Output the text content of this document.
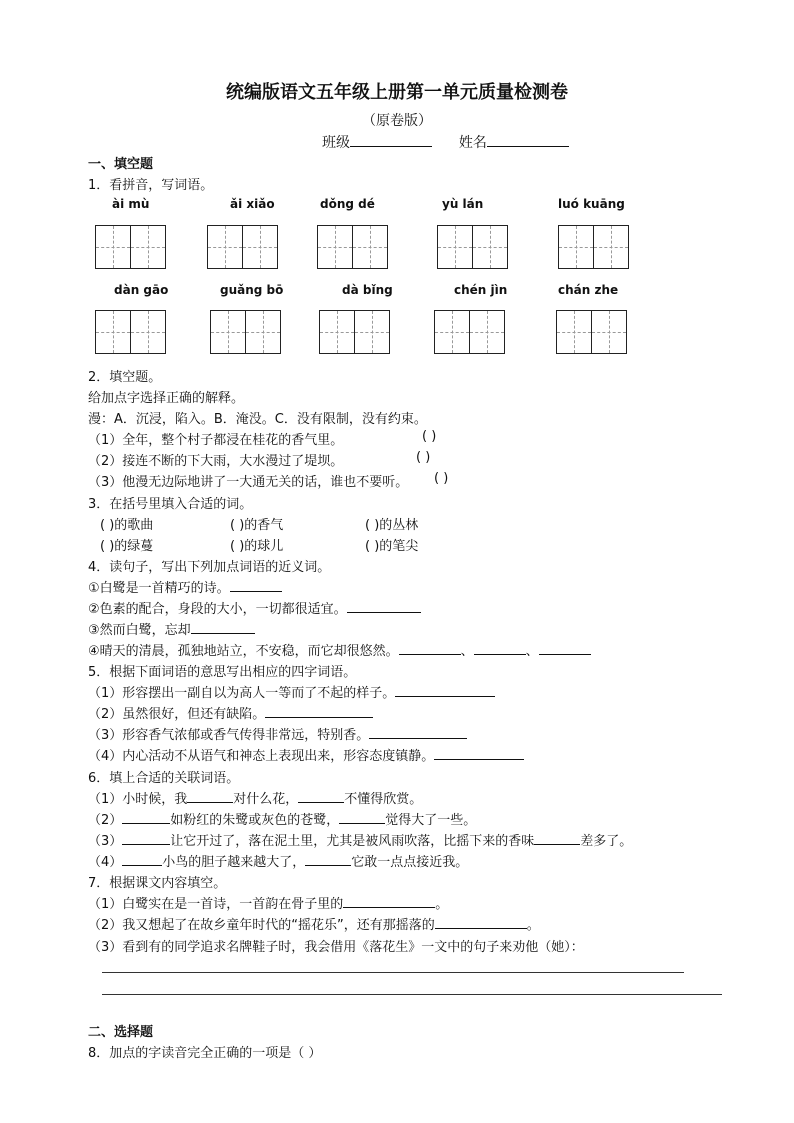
统编版语文五年级上册第一单元质量检测卷
（原卷版）
班级	姓名
一、填空题
1．看拼音，写词语。
ài mù	ǎi xiǎo	dǒng dé	yù lán	luó kuāng
dàn gāo	guǎng bō	dà bǐng	chén jìn	chán zhe
2．填空题。
给加点字选择正确的解释。
漫：A．沉浸，陷入。B．淹没。C．没有限制，没有约束。
（1）全年，整个村子都浸在桂花的香气里。	( )
（2）接连不断的下大雨，大水漫过了堤坝。	( )
（3）他漫无边际地讲了一大通无关的话，谁也不要听。 ( )
3．在括号里填入合适的词。
( )的歌曲	( )的香气	( )的丛林
( )的绿蔓	( )的球儿	( )的笔尖
4．读句子，写出下列加点词语的近义词。
①白鹭是一首精巧的诗。
②色素的配合，身段的大小，一切都很适宜。
③然而白鹭，忘却
④晴天的清晨，孤独地站立，不安稳，而它却很悠然。	、	、
5．根据下面词语的意思写出相应的四字词语。
（1）形容摆出一副自以为高人一等而了不起的样子。
（2）虽然很好，但还有缺陷。
（3）形容香气浓郁或香气传得非常远，特别香。
（4）内心活动不从语气和神态上表现出来，形容态度镇静。
6．填上合适的关联词语。
（1）小时候，我	对什么花，	不懂得欣赏。
（2）	如粉红的朱鹭或灰色的苍鹭，	觉得大了一些。
（3）	让它开过了，落在泥土里，尤其是被风雨吹落，比摇下来的香味	差多了。
（4）	小鸟的胆子越来越大了，	它敢一点点接近我。
7．根据课文内容填空。
（1）白鹭实在是一首诗，一首韵在骨子里的	。
（2）我又想起了在故乡童年时代的“摇花乐”，还有那摇落的	。
（3）看到有的同学追求名牌鞋子时，我会借用《落花生》一文中的句子来劝他（她）：
二、选择题
8．加点的字读音完全正确的一项是（ ）
